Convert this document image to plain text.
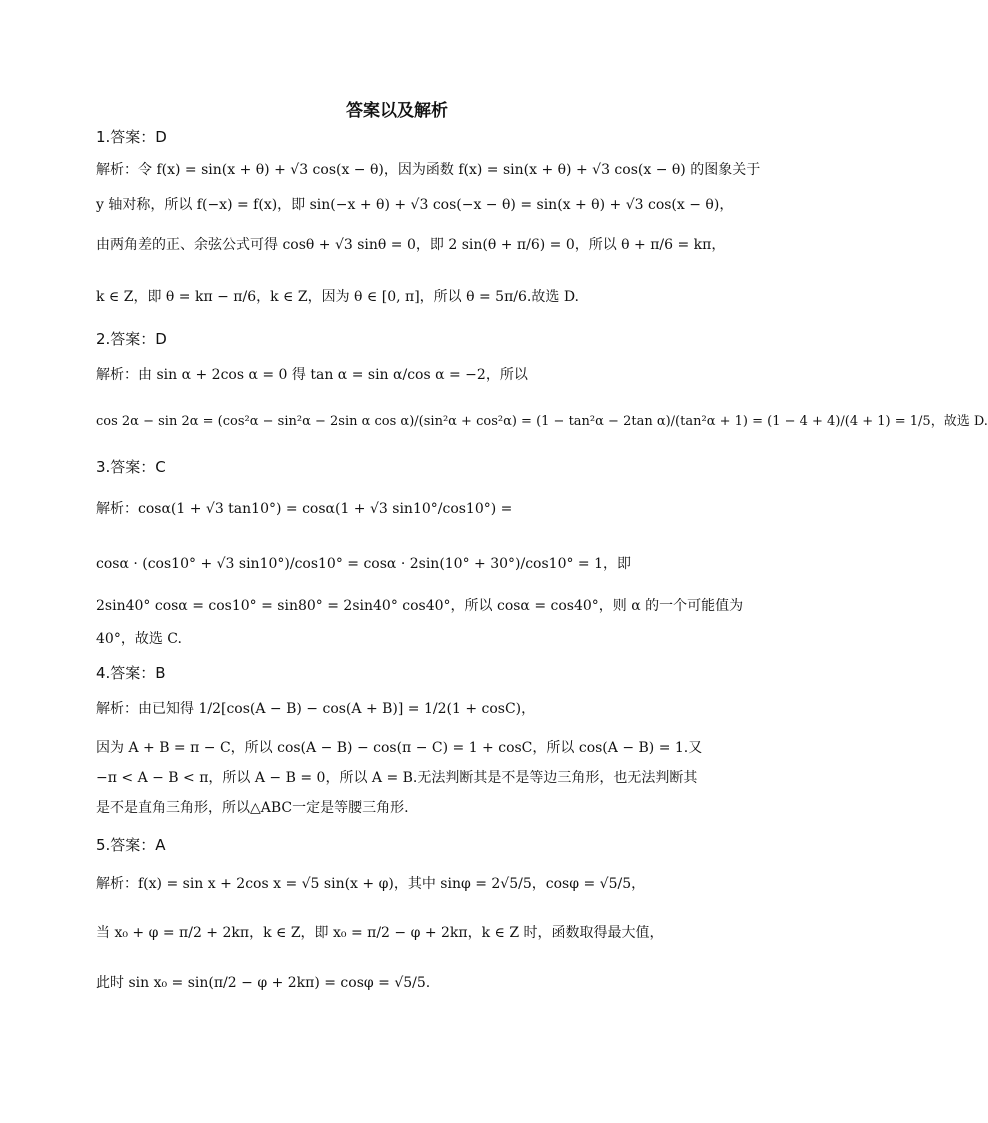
答案以及解析
1.答案：D
解析：令 f(x) = sin(x + θ) + √3 cos(x − θ)，因为函数 f(x) = sin(x + θ) + √3 cos(x − θ) 的图象关于
y 轴对称，所以 f(−x) = f(x)，即 sin(−x + θ) + √3 cos(−x − θ) = sin(x + θ) + √3 cos(x − θ)，
由两角差的正、余弦公式可得 cosθ + √3 sinθ = 0，即 2 sin(θ + π/6) = 0，所以 θ + π/6 = kπ，
k ∈ Z，即 θ = kπ − π/6，k ∈ Z，因为 θ ∈ [0, π]，所以 θ = 5π/6.故选 D.
2.答案：D
解析：由 sin α + 2cos α = 0 得 tan α = sin α/cos α = −2，所以
cos 2α − sin 2α = (cos²α − sin²α − 2sin α cos α)/(sin²α + cos²α) = (1 − tan²α − 2tan α)/(tan²α + 1) = (1 − 4 + 4)/(4 + 1) = 1/5，故选 D.
3.答案：C
解析：cosα(1 + √3 tan10°) = cosα(1 + √3 sin10°/cos10°) =
cosα · (cos10° + √3 sin10°)/cos10° = cosα · 2sin(10° + 30°)/cos10° = 1，即
2sin40° cosα = cos10° = sin80° = 2sin40° cos40°，所以 cosα = cos40°，则 α 的一个可能值为
40°，故选 C.
4.答案：B
解析：由已知得 1/2[cos(A − B) − cos(A + B)] = 1/2(1 + cosC)，
因为 A + B = π − C，所以 cos(A − B) − cos(π − C) = 1 + cosC，所以 cos(A − B) = 1.又
−π < A − B < π，所以 A − B = 0，所以 A = B.无法判断其是不是等边三角形，也无法判断其
是不是直角三角形，所以△ABC一定是等腰三角形.
5.答案：A
解析：f(x) = sin x + 2cos x = √5 sin(x + φ)，其中 sinφ = 2√5/5，cosφ = √5/5，
当 x₀ + φ = π/2 + 2kπ，k ∈ Z，即 x₀ = π/2 − φ + 2kπ，k ∈ Z 时，函数取得最大值，
此时 sin x₀ = sin(π/2 − φ + 2kπ) = cosφ = √5/5.
